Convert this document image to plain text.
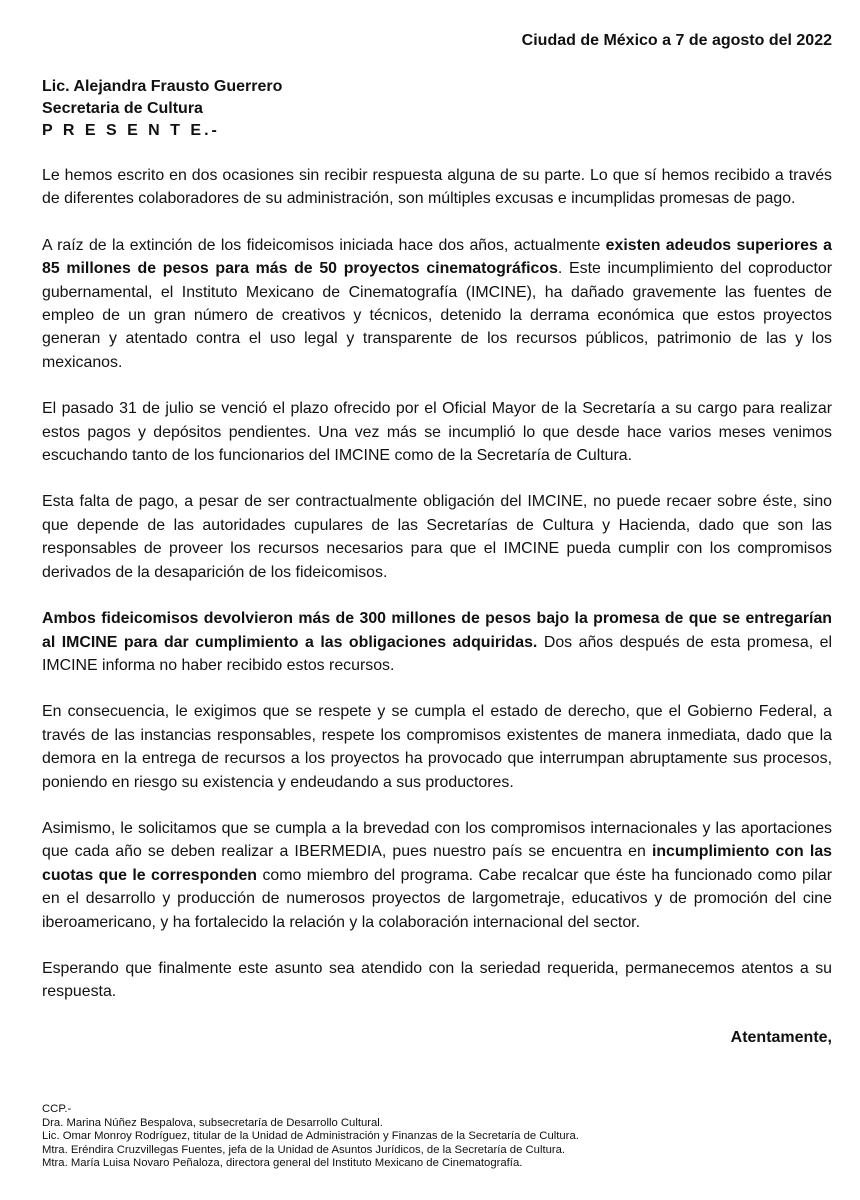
Ciudad de México a 7 de agosto del 2022
Lic. Alejandra Frausto Guerrero
Secretaria de Cultura
P R E S E N T E.-

Le hemos escrito en dos ocasiones sin recibir respuesta alguna de su parte. Lo que sí hemos recibido a través de diferentes colaboradores de su administración, son múltiples excusas e incumplidas promesas de pago.

A raíz de la extinción de los fideicomisos iniciada hace dos años, actualmente existen adeudos superiores a 85 millones de pesos para más de 50 proyectos cinematográficos. Este incumplimiento del coproductor gubernamental, el Instituto Mexicano de Cinematografía (IMCINE), ha dañado gravemente las fuentes de empleo de un gran número de creativos y técnicos, detenido la derrama económica que estos proyectos generan y atentado contra el uso legal y transparente de los recursos públicos, patrimonio de las y los mexicanos.

El pasado 31 de julio se venció el plazo ofrecido por el Oficial Mayor de la Secretaría a su cargo para realizar estos pagos y depósitos pendientes. Una vez más se incumplió lo que desde hace varios meses venimos escuchando tanto de los funcionarios del IMCINE como de la Secretaría de Cultura.

Esta falta de pago, a pesar de ser contractualmente obligación del IMCINE, no puede recaer sobre éste, sino que depende de las autoridades cupulares de las Secretarías de Cultura y Hacienda, dado que son las responsables de proveer los recursos necesarios para que el IMCINE pueda cumplir con los compromisos derivados de la desaparición de los fideicomisos.

Ambos fideicomisos devolvieron más de 300 millones de pesos bajo la promesa de que se entregarían al IMCINE para dar cumplimiento a las obligaciones adquiridas. Dos años después de esta promesa, el IMCINE informa no haber recibido estos recursos.

En consecuencia, le exigimos que se respete y se cumpla el estado de derecho, que el Gobierno Federal, a través de las instancias responsables, respete los compromisos existentes de manera inmediata, dado que la demora en la entrega de recursos a los proyectos ha provocado que interrumpan abruptamente sus procesos, poniendo en riesgo su existencia y endeudando a sus productores.

Asimismo, le solicitamos que se cumpla a la brevedad con los compromisos internacionales y las aportaciones que cada año se deben realizar a IBERMEDIA, pues nuestro país se encuentra en incumplimiento con las cuotas que le corresponden como miembro del programa. Cabe recalcar que éste ha funcionado como pilar en el desarrollo y producción de numerosos proyectos de largometraje, educativos y de promoción del cine iberoamericano, y ha fortalecido la relación y la colaboración internacional del sector.

Esperando que finalmente este asunto sea atendido con la seriedad requerida, permanecemos atentos a su respuesta.

Atentamente,
CCP.-
Dra. Marina Núñez Bespalova, subsecretaría de Desarrollo Cultural.
Lic. Omar Monroy Rodríguez, titular de la Unidad de Administración y Finanzas de la Secretaría de Cultura.
Mtra. Eréndira Cruzvillegas Fuentes, jefa de la Unidad de Asuntos Jurídicos, de la Secretaría de Cultura.
Mtra. María Luisa Novaro Peñaloza, directora general del Instituto Mexicano de Cinematografía.
